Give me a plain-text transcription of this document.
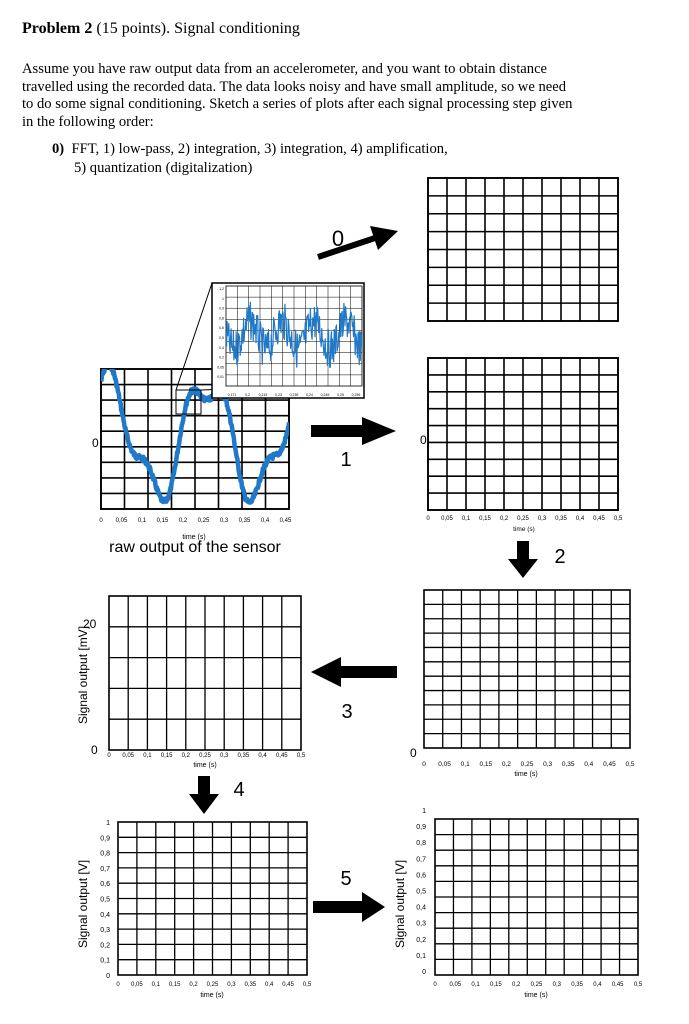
Problem 2 (15 points). Signal conditioning

Assume you have raw output data from an accelerometer, and you want to obtain distance

travelled using the recorded data. The data looks noisy and have small amplitude, so we need

to do some signal conditioning. Sketch a series of plots after each signal processing step given

in the following order:

0) FFT, 1) low-pass, 2) integration, 3) integration, 4) amplification,
5) quantization (digitalization)
0
0 0,05 0,1 0,15 0,2 0,25 0,3 0,35 0,4 0,45 0,5
time (s)
0
0 0,05 0,1 0,15 0,2 0,25 0,3 0,35 0,4 0,45
time (s)
raw output of the sensor
1,2
1
0,9
0,8
0,6
0,5
0,4
0,2
0,05
0,01
0,171 0,2 0,219 0,23 0,239 0,24 0,249 0,25 0,259
0
0 0,05 0,1 0,15 0,2 0,25 0,3 0,35 0,4 0,45 0,5
time (s)
20
0
Signal output [mV]
0 0,05 0,1 0,15 0,2 0,25 0,3 0,35 0,4 0,45 0,5
time (s)
1
0,9
0,8
0,7
0,6
0,5
0,4
0,3
0,2
0,1
0
Signal output [V]
0 0,05 0,1 0,15 0,2 0,25 0,3 0,35 0,4 0,45 0,5
time (s)
1
0,9
0,8
0,7
0,6
0,5
0,4
0,3
0,2
0,1
0
Signal output [V]
0 0,05 0,1 0,15 0,2 0,25 0,3 0,35 0,4 0,45 0,5
time (s)
0
1
2
3
4
5
